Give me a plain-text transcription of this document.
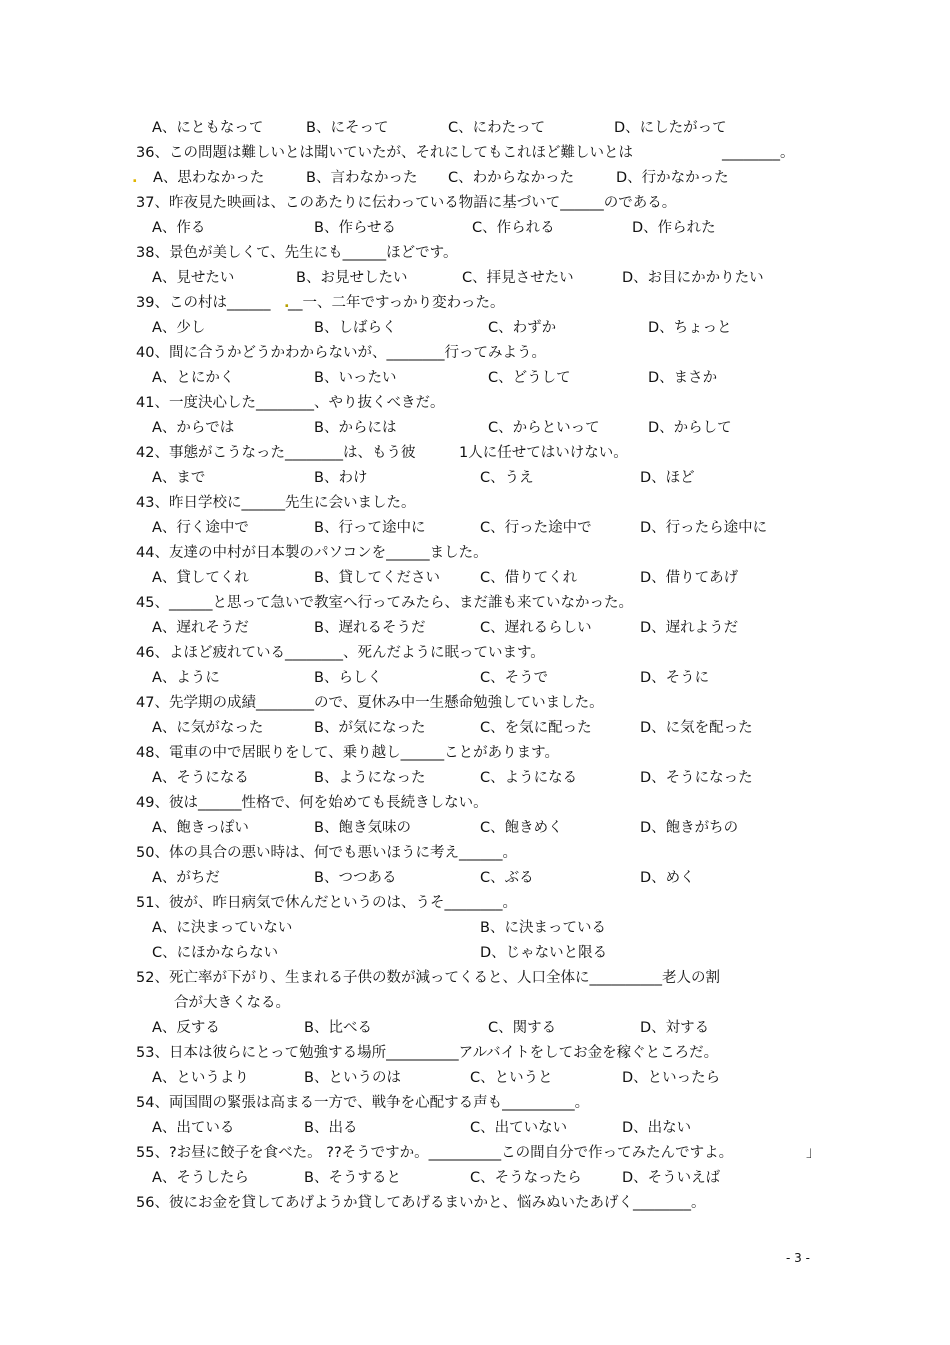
A、にともなって	B、にそって	C、にわたって	D、にしたがって
36、この問題は難しいとは聞いていたが、それにしてもこれほど難しいとは	________。
. A、思わなかった	B、言わなかった C、わからなかった	D、行かなかった
37、昨夜見た映画は、このあたりに伝わっている物語に基づいて______のである。
A、作る	B、作らせる	C、作られる	D、作られた
38、景色が美しくて、先生にも______ほどです。
A、見せたい	B、お見せしたい	C、拝見させたい	D、お目にかかりたい
39、この村は______ .
__一、二年ですっかり変わった。
A、少し	B、しばらく	C、わずか	D、ちょっと
40、間に合うかどうかわからないが、________行ってみよう。
A、とにかく	B、いったい	C、どうして	D、まさか
41、一度決心した________、やり抜くべきだ。
A、からでは	B、からには	C、からといって	D、からして
42、事態がこうなった________は、もう彼	1人に任せてはいけない。
A、まで	B、わけ	C、うえ	D、ほど
43、昨日学校に______先生に会いました。
A、行く途中で	B、行って途中に	C、行った途中で	D、行ったら途中に
44、友達の中村が日本製のパソコンを______ました。
A、貸してくれ	B、貸してください	C、借りてくれ	D、借りてあげ
45、______と思って急いで教室へ行ってみたら、まだ誰も来ていなかった。
A、遅れそうだ	B、遅れるそうだ	C、遅れるらしい	D、遅れようだ
46、よほど疲れている________、死んだように眠っています。
A、ように	B、らしく	C、そうで	D、そうに
47、先学期の成績________ので、夏休み中一生懸命勉強していました。
A、に気がなった	B、が気になった	C、を気に配った	D、に気を配った
48、電車の中で居眠りをして、乗り越し______ことがあります。
A、そうになる	B、ようになった	C、ようになる	D、そうになった
49、彼は______性格で、何を始めても長続きしない。
A、飽きっぽい	B、飽き気味の	C、飽きめく	D、飽きがちの
50、体の具合の悪い時は、何でも悪いほうに考え______。
A、がちだ	B、つつある	C、ぶる	D、めく
51、彼が、昨日病気で休んだというのは、うそ________。
A、に決まっていない	B、に決まっている
C、にほかならない	D、じゃないと限る
52、死亡率が下がり、生まれる子供の数が減ってくると、人口全体に__________老人の割
合が大きくなる。
A、反する	B、比べる	C、関する	D、対する
53、日本は彼らにとって勉強する場所__________アルバイトをしてお金を稼ぐところだ。
A、というより	B、というのは	C、というと	D、といったら
54、両国間の緊張は高まる一方で、戦争を心配する声も__________。
A、出ている	B、出る	C、出ていない	D、出ない
55、?お昼に餃子を食べた。 ??そうですか。__________この間自分で作ってみたんですよ。	」
A、そうしたら	B、そうすると	C、そうなったら	D、そういえば
56、彼にお金を貸してあげようか貸してあげるまいかと、悩みぬいたあげく________。
- 3 -
